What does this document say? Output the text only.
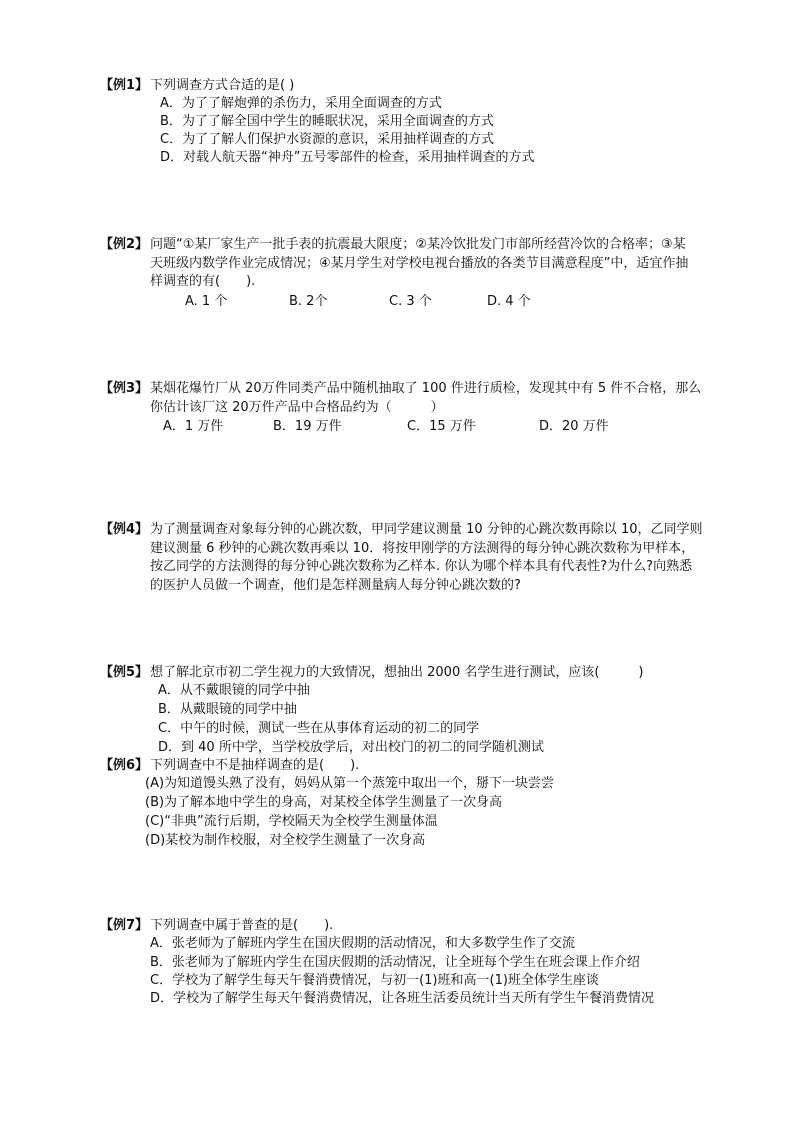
【例1】 下列调查方式合适的是( )
A．为了了解炮弹的杀伤力，采用全面调查的方式
B．为了了解全国中学生的睡眠状况，采用全面调查的方式
C．为了了解人们保护水资源的意识，采用抽样调查的方式
D．对载人航天器“神舟”五号零部件的检查，采用抽样调查的方式
【例2】 问题“①某厂家生产一批手表的抗震最大限度；②某冷饮批发门市部所经营冷饮的合格率；③某

天班级内数学作业完成情况；④某月学生对学校电视台播放的各类节目满意程度”中，适宜作抽

样调查的有(　　).

A. 1 个	B. 2个	C. 3 个	D. 4 个
【例3】 某烟花爆竹厂从 20万件同类产品中随机抽取了 100 件进行质检，发现其中有 5 件不合格，那么

你估计该厂这 20万件产品中合格品约为（　　　）

A．1 万件	B．19 万件	C．15 万件	D．20 万件
【例4】 为了测量调查对象每分钟的心跳次数，甲同学建议测量 10 分钟的心跳次数再除以 10，乙同学则

建议测量 6 秒钟的心跳次数再乘以 10．将按甲刚学的方法测得的每分钟心跳次数称为甲样本，

按乙同学的方法测得的每分钟心跳次数称为乙样本. 你认为哪个样本具有代表性?为什么?向熟悉

的医护人员做一个调查，他们是怎样测量病人每分钟心跳次数的?

【例5】 想了解北京市初二学生视力的大致情况，想抽出 2000 名学生进行测试，应该(　　　)
A．从不戴眼镜的同学中抽
B．从戴眼镜的同学中抽
C．中午的时候，测试一些在从事体育运动的初二的同学
D．到 40 所中学，当学校放学后，对出校门的初二的同学随机测试
【例6】 下列调查中不是抽样调查的是(　　).
(A)为知道馒头熟了没有，妈妈从第一个蒸笼中取出一个，掰下一块尝尝
(B)为了解本地中学生的身高，对某校全体学生测量了一次身高
(C)“非典”流行后期，学校隔天为全校学生测量体温
(D)某校为制作校服，对全校学生测量了一次身高
【例7】 下列调查中属于普查的是(　　).
A．张老师为了解班内学生在国庆假期的活动情况，和大多数学生作了交流
B．张老师为了解班内学生在国庆假期的活动情况，让全班每个学生在班会课上作介绍
C．学校为了解学生每天午餐消费情况，与初一(1)班和高一(1)班全体学生座谈
D．学校为了解学生每天午餐消费情况，让各班生活委员统计当天所有学生午餐消费情况
